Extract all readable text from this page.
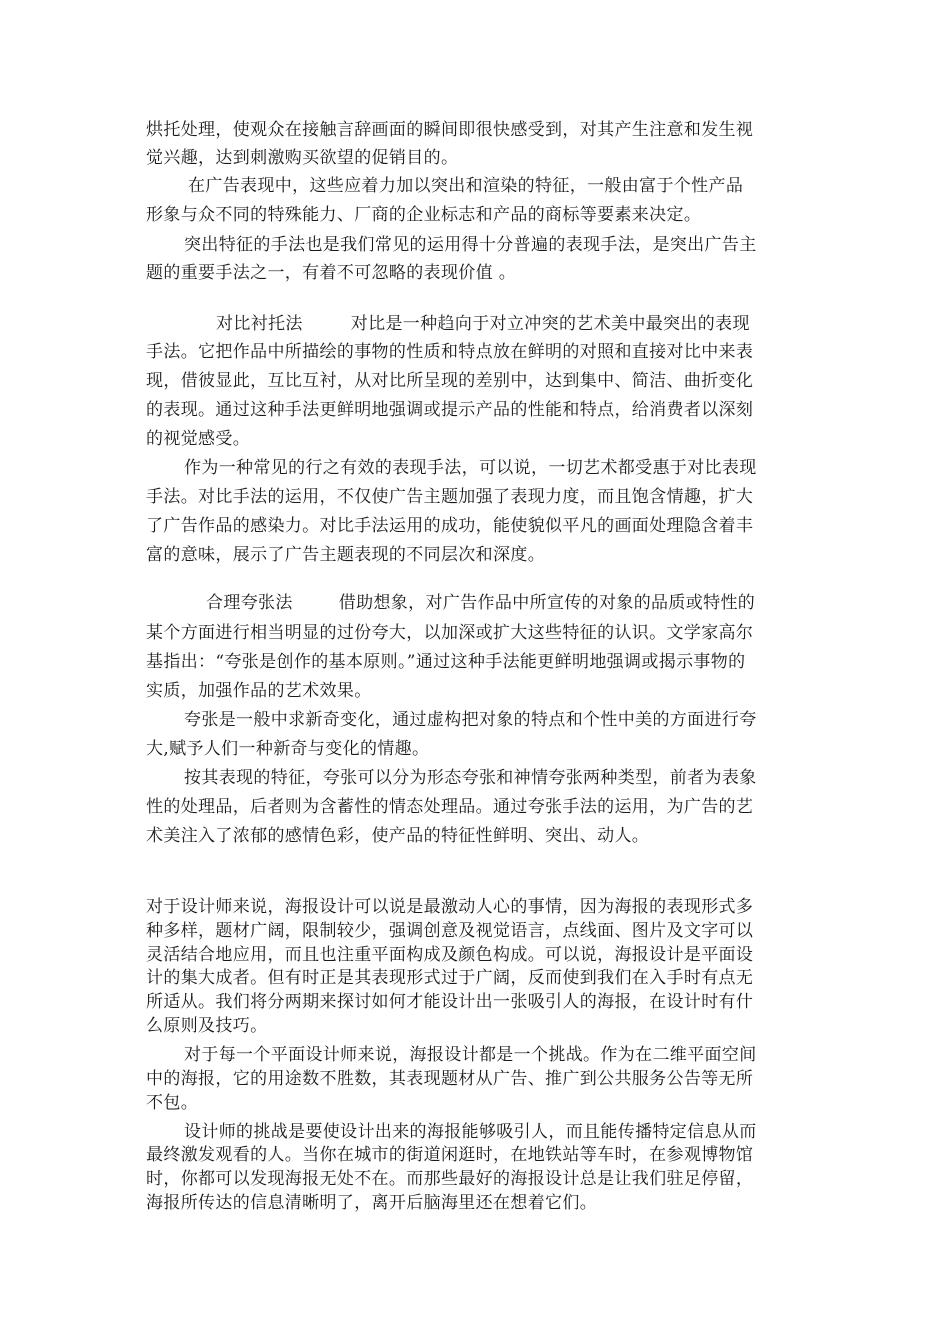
烘托处理，使观众在接触言辞画面的瞬间即很快感受到，对其产生注意和发生视
觉兴趣，达到刺激购买欲望的促销目的。
在广告表现中，这些应着力加以突出和渲染的特征，一般由富于个性产品
形象与众不同的特殊能力、厂商的企业标志和产品的商标等要素来决定。
突出特征的手法也是我们常见的运用得十分普遍的表现手法，是突出广告主
题的重要手法之一，有着不可忽略的表现价值 。
对比衬托法	对比是一种趋向于对立冲突的艺术美中最突出的表现
手法。它把作品中所描绘的事物的性质和特点放在鲜明的对照和直接对比中来表
现，借彼显此，互比互衬，从对比所呈现的差别中，达到集中、简洁、曲折变化
的表现。通过这种手法更鲜明地强调或提示产品的性能和特点，给消费者以深刻
的视觉感受。
作为一种常见的行之有效的表现手法，可以说，一切艺术都受惠于对比表现
手法。对比手法的运用，不仅使广告主题加强了表现力度，而且饱含情趣，扩大
了广告作品的感染力。对比手法运用的成功，能使貌似平凡的画面处理隐含着丰
富的意味，展示了广告主题表现的不同层次和深度。
合理夸张法	借助想象，对广告作品中所宣传的对象的品质或特性的
某个方面进行相当明显的过份夸大，以加深或扩大这些特征的认识。文学家高尔
基指出：“夸张是创作的基本原则。”通过这种手法能更鲜明地强调或揭示事物的
实质，加强作品的艺术效果。
夸张是一般中求新奇变化，通过虚构把对象的特点和个性中美的方面进行夸
大,赋予人们一种新奇与变化的情趣。
按其表现的特征，夸张可以分为形态夸张和神情夸张两种类型，前者为表象
性的处理品，后者则为含蓄性的情态处理品。通过夸张手法的运用，为广告的艺
术美注入了浓郁的感情色彩，使产品的特征性鲜明、突出、动人。
对于设计师来说，海报设计可以说是最激动人心的事情，因为海报的表现形式多
种多样，题材广阔，限制较少，强调创意及视觉语言，点线面、图片及文字可以
灵活结合地应用，而且也注重平面构成及颜色构成。可以说，海报设计是平面设
计的集大成者。但有时正是其表现形式过于广阔，反而使到我们在入手时有点无
所适从。我们将分两期来探讨如何才能设计出一张吸引人的海报，在设计时有什
么原则及技巧。
对于每一个平面设计师来说，海报设计都是一个挑战。作为在二维平面空间
中的海报，它的用途数不胜数，其表现题材从广告、推广到公共服务公告等无所
不包。
设计师的挑战是要使设计出来的海报能够吸引人，而且能传播特定信息从而
最终激发观看的人。当你在城市的街道闲逛时，在地铁站等车时，在参观博物馆
时，你都可以发现海报无处不在。而那些最好的海报设计总是让我们驻足停留，
海报所传达的信息清晰明了，离开后脑海里还在想着它们。
